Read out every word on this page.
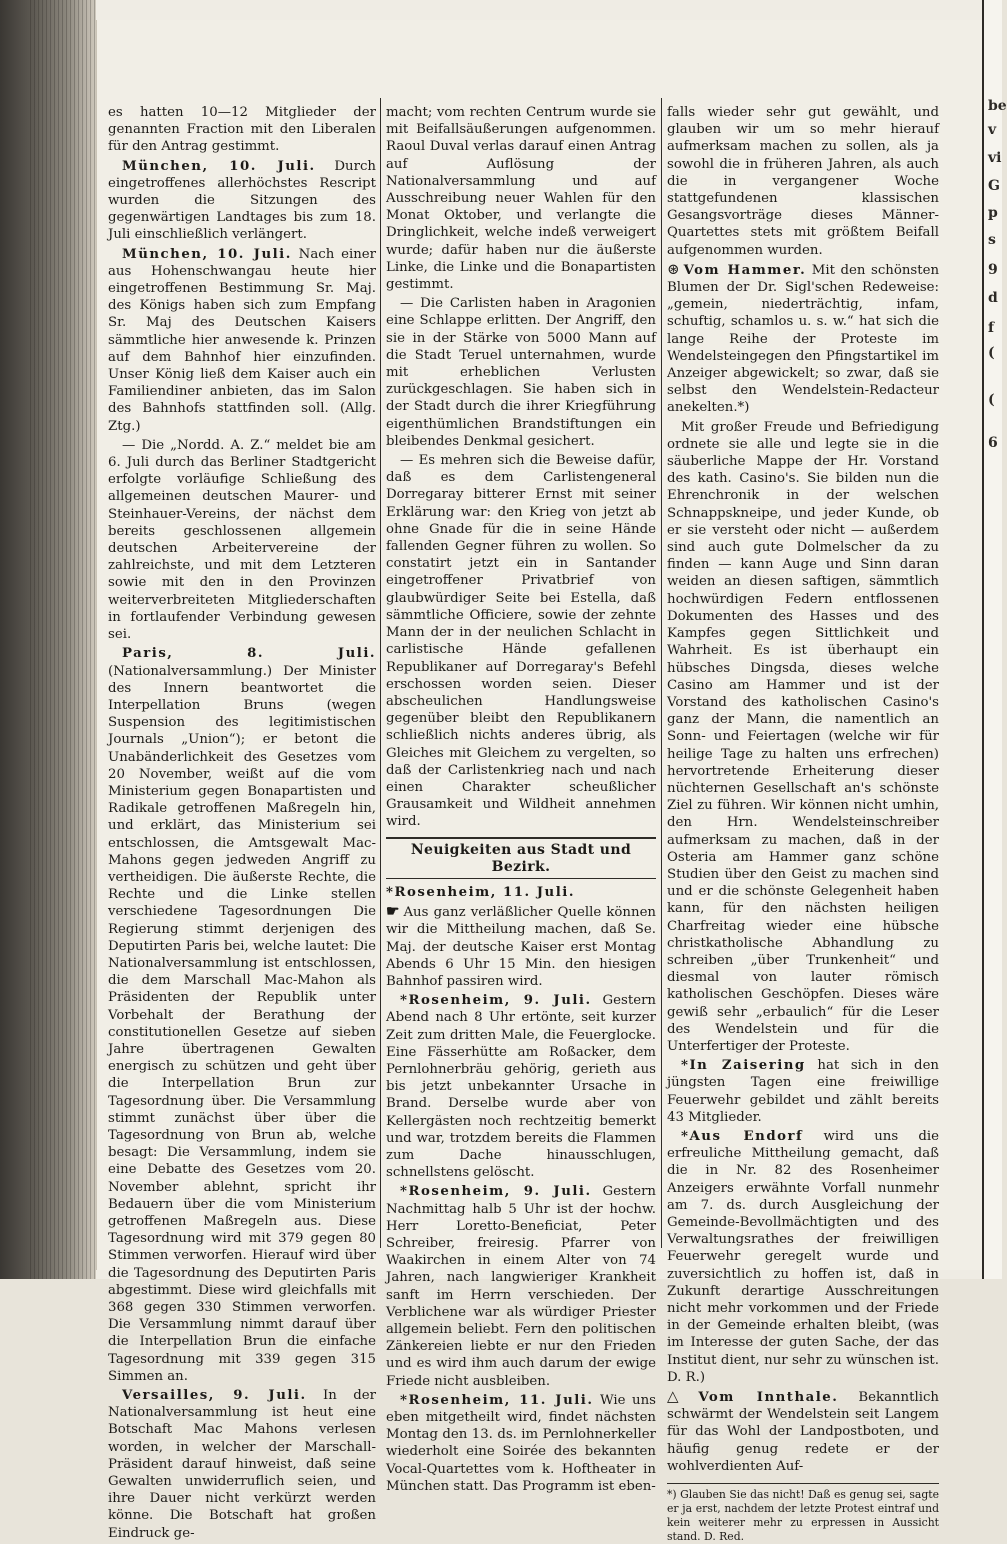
be
v
vi
G
p
s
9
d
f
(
(
6

es hatten 10—12 Mitglieder der genannten Fraction mit den Liberalen für den Antrag gestimmt.

München, 10. Juli. Durch eingetroffenes allerhöchstes Rescript wurden die Sitzungen des gegenwärtigen Landtages bis zum 18. Juli einschließlich verlängert.

München, 10. Juli. Nach einer aus Hohenschwangau heute hier eingetroffenen Bestimmung Sr. Maj. des Königs haben sich zum Empfang Sr. Maj des Deutschen Kaisers sämmtliche hier anwesende k. Prinzen auf dem Bahnhof hier einzufinden. Unser König ließ dem Kaiser auch ein Familiendiner anbieten, das im Salon des Bahnhofs stattfinden soll. (Allg. Ztg.)

— Die „Nordd. A. Z.“ meldet bie am 6. Juli durch das Berliner Stadtgericht erfolgte vorläufige Schließung des allgemeinen deutschen Maurer- und Steinhauer-Vereins, der nächst dem bereits geschlossenen allgemein deutschen Arbeitervereine der zahlreichste, und mit dem Letzteren sowie mit den in den Provinzen weiterverbreiteten Mitgliederschaften in fortlaufender Verbindung gewesen sei.

Paris, 8. Juli. (Nationalversammlung.) Der Minister des Innern beantwortet die Interpellation Bruns (wegen Suspension des legitimistischen Journals „Union“); er betont die Unabänderlichkeit des Gesetzes vom 20 November, weißt auf die vom Ministerium gegen Bonapartisten und Radikale getroffenen Maßregeln hin, und erklärt, das Ministerium sei entschlossen, die Amtsgewalt Mac-Mahons gegen jedweden Angriff zu vertheidigen. Die äußerste Rechte, die Rechte und die Linke stellen verschiedene Tagesordnungen Die Regierung stimmt derjenigen des Deputirten Paris bei, welche lautet: Die Nationalversammlung ist entschlossen, die dem Marschall Mac-Mahon als Präsidenten der Republik unter Vorbehalt der Berathung der constitutionellen Gesetze auf sieben Jahre übertragenen Gewalten energisch zu schützen und geht über die Interpellation Brun zur Tagesordnung über. Die Versammlung stimmt zunächst über über die Tagesordnung von Brun ab, welche besagt: Die Versammlung, indem sie eine Debatte des Gesetzes vom 20. November ablehnt, spricht ihr Bedauern über die vom Ministerium getroffenen Maßregeln aus. Diese Tagesordnung wird mit 379 gegen 80 Stimmen verworfen. Hierauf wird über die Tagesordnung des Deputirten Paris abgestimmt. Diese wird gleichfalls mit 368 gegen 330 Stimmen verworfen. Die Versammlung nimmt darauf über die Interpellation Brun die einfache Tagesordnung mit 339 gegen 315 Simmen an.

Versailles, 9. Juli. In der Nationalversammlung ist heut eine Botschaft Mac Mahons verlesen worden, in welcher der Marschall-Präsident darauf hinweist, daß seine Gewalten unwiderruflich seien, und ihre Dauer nicht verkürzt werden könne. Die Botschaft hat großen Eindruck ge-

macht; vom rechten Centrum wurde sie mit Beifallsäußerungen aufgenommen. Raoul Duval verlas darauf einen Antrag auf Auflösung der Nationalversammlung und auf Ausschreibung neuer Wahlen für den Monat Oktober, und verlangte die Dringlichkeit, welche indeß verweigert wurde; dafür haben nur die äußerste Linke, die Linke und die Bonapartisten gestimmt.

— Die Carlisten haben in Aragonien eine Schlappe erlitten. Der Angriff, den sie in der Stärke von 5000 Mann auf die Stadt Teruel unternahmen, wurde mit erheblichen Verlusten zurückgeschlagen. Sie haben sich in der Stadt durch die ihrer Kriegführung eigenthümlichen Brandstiftungen ein bleibendes Denkmal gesichert.

— Es mehren sich die Beweise dafür, daß es dem Carlistengeneral Dorregaray bitterer Ernst mit seiner Erklärung war: den Krieg von jetzt ab ohne Gnade für die in seine Hände fallenden Gegner führen zu wollen. So constatirt jetzt ein in Santander eingetroffener Privatbrief von glaubwürdiger Seite bei Estella, daß sämmtliche Officiere, sowie der zehnte Mann der in der neulichen Schlacht in carlistische Hände gefallenen Republikaner auf Dorregaray's Befehl erschossen worden seien. Dieser abscheulichen Handlungsweise gegenüber bleibt den Republikanern schließlich nichts anderes übrig, als Gleiches mit Gleichem zu vergelten, so daß der Carlistenkrieg nach und nach einen Charakter scheußlicher Grausamkeit und Wildheit annehmen wird.

Neuigkeiten aus Stadt und Bezirk.

*Rosenheim, 11. Juli.

☛ Aus ganz verläßlicher Quelle können wir die Mittheilung machen, daß Se. Maj. der deutsche Kaiser erst Montag Abends 6 Uhr 15 Min. den hiesigen Bahnhof passiren wird.

*Rosenheim, 9. Juli. Gestern Abend nach 8 Uhr ertönte, seit kurzer Zeit zum dritten Male, die Feuerglocke. Eine Fässerhütte am Roßacker, dem Pernlohnerbräu gehörig, gerieth aus bis jetzt unbekannter Ursache in Brand. Derselbe wurde aber von Kellergästen noch rechtzeitig bemerkt und war, trotzdem bereits die Flammen zum Dache hinausschlugen, schnellstens gelöscht.

*Rosenheim, 9. Juli. Gestern Nachmittag halb 5 Uhr ist der hochw. Herr Loretto-Beneficiat, Peter Schreiber, freiresig. Pfarrer von Waakirchen in einem Alter von 74 Jahren, nach langwieriger Krankheit sanft im Herrn verschieden. Der Verblichene war als würdiger Priester allgemein beliebt. Fern den politischen Zänkereien liebte er nur den Frieden und es wird ihm auch darum der ewige Friede nicht ausbleiben.

*Rosenheim, 11. Juli. Wie uns eben mitgetheilt wird, findet nächsten Montag den 13. ds. im Pernlohnerkeller wiederholt eine Soirée des bekannten Vocal-Quartettes vom k. Hoftheater in München statt. Das Programm ist eben-

falls wieder sehr gut gewählt, und glauben wir um so mehr hierauf aufmerksam machen zu sollen, als ja sowohl die in früheren Jahren, als auch die in vergangener Woche stattgefundenen klassischen Gesangsvorträge dieses Männer-Quartettes stets mit größtem Beifall aufgenommen wurden.

⊛ Vom Hammer. Mit den schönsten Blumen der Dr. Sigl'schen Redeweise: „gemein, niederträchtig, infam, schuftig, schamlos u. s. w.“ hat sich die lange Reihe der Proteste im Wendelsteingegen den Pfingstartikel im Anzeiger abgewickelt; so zwar, daß sie selbst den Wendelstein-Redacteur anekelten.*)

Mit großer Freude und Befriedigung ordnete sie alle und legte sie in die säuberliche Mappe der Hr. Vorstand des kath. Casino's. Sie bilden nun die Ehrenchronik in der welschen Schnappskneipe, und jeder Kunde, ob er sie versteht oder nicht — außerdem sind auch gute Dolmelscher da zu finden — kann Auge und Sinn daran weiden an diesen saftigen, sämmtlich hochwürdigen Federn entflossenen Dokumenten des Hasses und des Kampfes gegen Sittlichkeit und Wahrheit. Es ist überhaupt ein hübsches Dingsda, dieses welche Casino am Hammer und ist der Vorstand des katholischen Casino's ganz der Mann, die namentlich an Sonn- und Feiertagen (welche wir für heilige Tage zu halten uns erfrechen) hervortretende Erheiterung dieser nüchternen Gesellschaft an's schönste Ziel zu führen. Wir können nicht umhin, den Hrn. Wendelsteinschreiber aufmerksam zu machen, daß in der Osteria am Hammer ganz schöne Studien über den Geist zu machen sind und er die schönste Gelegenheit haben kann, für den nächsten heiligen Charfreitag wieder eine hübsche christkatholische Abhandlung zu schreiben „über Trunkenheit“ und diesmal von lauter römisch katholischen Geschöpfen. Dieses wäre gewiß sehr „erbaulich“ für die Leser des Wendelstein und für die Unterfertiger der Proteste.

*In Zaisering hat sich in den jüngsten Tagen eine freiwillige Feuerwehr gebildet und zählt bereits 43 Mitglieder.

*Aus Endorf wird uns die erfreuliche Mittheilung gemacht, daß die in Nr. 82 des Rosenheimer Anzeigers erwähnte Vorfall nunmehr am 7. ds. durch Ausgleichung der Gemeinde-Bevollmächtigten und des Verwaltungsrathes der freiwilligen Feuerwehr geregelt wurde und zuversichtlich zu hoffen ist, daß in Zukunft derartige Ausschreitungen nicht mehr vorkommen und der Friede in der Gemeinde erhalten bleibt, (was im Interesse der guten Sache, der das Institut dient, nur sehr zu wünschen ist. D. R.)

△ Vom Innthale. Bekanntlich schwärmt der Wendelstein seit Langem für das Wohl der Landpostboten, und häufig genug redete er der wohlverdienten Auf-

*) Glauben Sie das nicht! Daß es genug sei, sagte er ja erst, nachdem der letzte Protest eintraf und kein weiterer mehr zu erpressen in Aussicht stand. D. Red.
